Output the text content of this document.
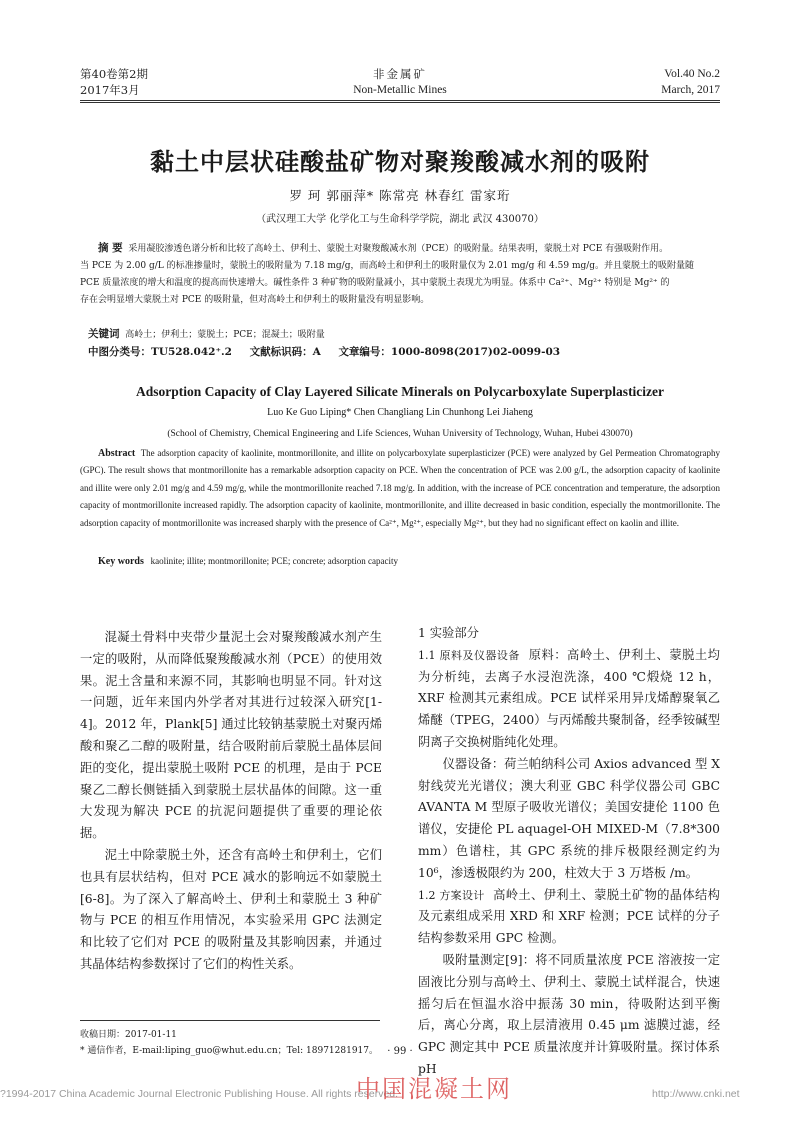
第40卷第2期
2017年3月
非金属矿
Non-Metallic Mines
Vol.40 No.2
March, 2017
黏土中层状硅酸盐矿物对聚羧酸减水剂的吸附
罗 珂 郭丽萍* 陈常亮 林春红 雷家珩
（武汉理工大学 化学化工与生命科学学院，湖北 武汉 430070）
摘 要 采用凝胶渗透色谱分析和比较了高岭土、伊利土、蒙脱土对聚羧酸减水剂（PCE）的吸附量。结果表明，蒙脱土对 PCE 有强吸附作用。
当 PCE 为 2.00 g/L 的标准掺量时，蒙脱土的吸附量为 7.18 mg/g，而高岭土和伊利土的吸附量仅为 2.01 mg/g 和 4.59 mg/g。并且蒙脱土的吸附量随
PCE 质量浓度的增大和温度的提高而快速增大。碱性条件 3 种矿物的吸附量减小，其中蒙脱土表现尤为明显。体系中 Ca²⁺、Mg²⁺ 特别是 Mg²⁺ 的
存在会明显增大蒙脱土对 PCE 的吸附量，但对高岭土和伊利土的吸附量没有明显影响。
关键词 高岭土；伊利土；蒙脱土；PCE；混凝土；吸附量
中图分类号：TU528.042⁺.2 文献标识码：A 文章编号：1000-8098(2017)02-0099-03
Adsorption Capacity of Clay Layered Silicate Minerals on Polycarboxylate Superplasticizer
Luo Ke Guo Liping* Chen Changliang Lin Chunhong Lei Jiaheng
(School of Chemistry, Chemical Engineering and Life Sciences, Wuhan University of Technology, Wuhan, Hubei 430070)
Abstract The adsorption capacity of kaolinite, montmorillonite, and illite on polycarboxylate superplasticizer (PCE) were analyzed by Gel Permeation Chromatography (GPC). The result shows that montmorillonite has a remarkable adsorption capacity on PCE. When the concentration of PCE was 2.00 g/L, the adsorption capacity of kaolinite and illite were only 2.01 mg/g and 4.59 mg/g, while the montmorillonite reached 7.18 mg/g. In addition, with the increase of PCE concentration and temperature, the adsorption capacity of montmorillonite increased rapidly. The adsorption capacity of kaolinite, montmorillonite, and illite decreased in basic condition, especially the montmorillonite. The adsorption capacity of montmorillonite was increased sharply with the presence of Ca²⁺, Mg²⁺, especially Mg²⁺, but they had no significant effect on kaolin and illite.
Key words kaolinite; illite; montmorillonite; PCE; concrete; adsorption capacity

混凝土骨料中夹带少量泥土会对聚羧酸减水剂产生一定的吸附，从而降低聚羧酸减水剂（PCE）的使用效果。泥土含量和来源不同，其影响也明显不同。针对这一问题，近年来国内外学者对其进行过较深入研究[1-4]。2012 年，Plank[5] 通过比较钠基蒙脱土对聚丙烯酸和聚乙二醇的吸附量，结合吸附前后蒙脱土晶体层间距的变化，提出蒙脱土吸附 PCE 的机理，是由于 PCE 聚乙二醇长侧链插入到蒙脱土层状晶体的间隙。这一重大发现为解决 PCE 的抗泥问题提供了重要的理论依据。

泥土中除蒙脱土外，还含有高岭土和伊利土，它们也具有层状结构，但对 PCE 减水的影响远不如蒙脱土[6-8]。为了深入了解高岭土、伊利土和蒙脱土 3 种矿物与 PCE 的相互作用情况，本实验采用 GPC 法测定和比较了它们对 PCE 的吸附量及其影响因素，并通过其晶体结构参数探讨了它们的构性关系。

1 实验部分

1.1 原料及仪器设备 原料：高岭土、伊利土、蒙脱土均为分析纯，去离子水浸泡洗涤，400 ℃煅烧 12 h，XRF 检测其元素组成。PCE 试样采用异戊烯醇聚氧乙烯醚（TPEG，2400）与丙烯酸共聚制备，经季铵碱型阴离子交换树脂纯化处理。

仪器设备：荷兰帕纳科公司 Axios advanced 型 X 射线荧光光谱仪；澳大利亚 GBC 科学仪器公司 GBC AVANTA M 型原子吸收光谱仪；美国安捷伦 1100 色谱仪，安捷伦 PL aquagel-OH MIXED-M（7.8*300 mm）色谱柱，其 GPC 系统的排斥极限经测定约为 10⁶，渗透极限约为 200，柱效大于 3 万塔板 /m。

1.2 方案设计 高岭土、伊利土、蒙脱土矿物的晶体结构及元素组成采用 XRD 和 XRF 检测；PCE 试样的分子结构参数采用 GPC 检测。

吸附量测定[9]：将不同质量浓度 PCE 溶液按一定固液比分别与高岭土、伊利土、蒙脱土试样混合，快速摇匀后在恒温水浴中振荡 30 min，待吸附达到平衡后，离心分离，取上层清液用 0.45 μm 滤膜过滤，经 GPC 测定其中 PCE 质量浓度并计算吸附量。探讨体系 pH

收稿日期：2017-01-11
* 通信作者，E-mail:liping_guo@whut.edu.cn；Tel: 18971281917。 · 99 ·
?1994-2017 China Academic Journal Electronic Publishing House. All rights reserved.	http://www.cnki.net
中国混凝土网
